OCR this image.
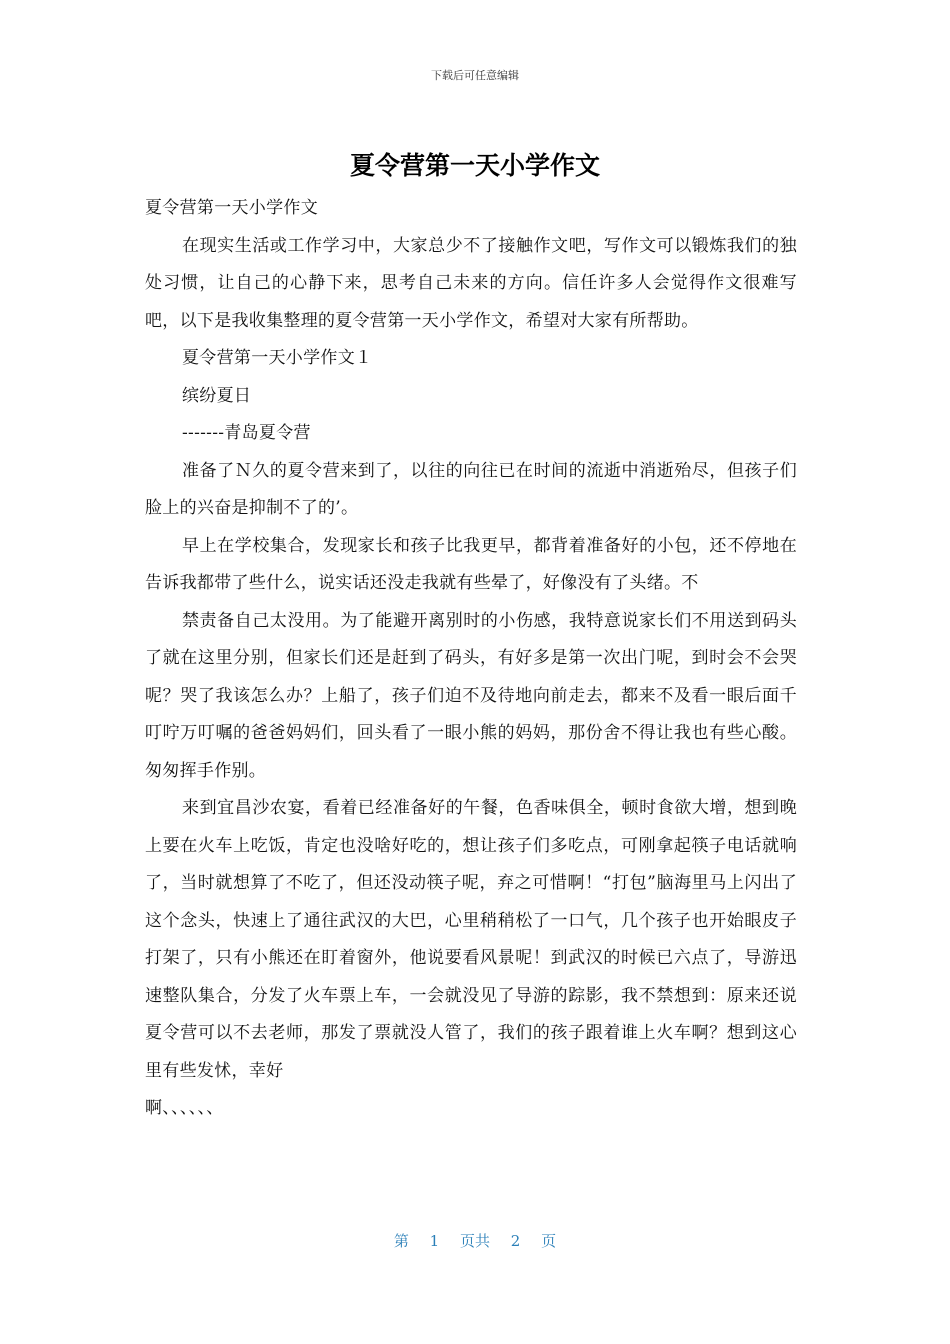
下载后可任意编辑
夏令营第一天小学作文

夏令营第一天小学作文

在现实生活或工作学习中，大家总少不了接触作文吧，写作文可以锻炼我们的独处习惯，让自己的心静下来，思考自己未来的方向。信任许多人会觉得作文很难写吧，以下是我收集整理的夏令营第一天小学作文，希望对大家有所帮助。

夏令营第一天小学作文１

缤纷夏日

-------青岛夏令营

准备了Ｎ久的夏令营来到了，以往的向往已在时间的流逝中消逝殆尽，但孩子们脸上的兴奋是抑制不了的’。

早上在学校集合，发现家长和孩子比我更早，都背着准备好的小包，还不停地在告诉我都带了些什么，说实话还没走我就有些晕了，好像没有了头绪。不

禁责备自己太没用。为了能避开离别时的小伤感，我特意说家长们不用送到码头了就在这里分别，但家长们还是赶到了码头，有好多是第一次出门呢，到时会不会哭呢？哭了我该怎么办？上船了，孩子们迫不及待地向前走去，都来不及看一眼后面千叮咛万叮嘱的爸爸妈妈们，回头看了一眼小熊的妈妈，那份舍不得让我也有些心酸。匆匆挥手作别。

来到宜昌沙农宴，看着已经准备好的午餐，色香味俱全，顿时食欲大增，想到晚上要在火车上吃饭，肯定也没啥好吃的，想让孩子们多吃点，可刚拿起筷子电话就响了，当时就想算了不吃了，但还没动筷子呢，弃之可惜啊！“打包”脑海里马上闪出了这个念头，快速上了通往武汉的大巴，心里稍稍松了一口气，几个孩子也开始眼皮子打架了，只有小熊还在盯着窗外，他说要看风景呢！到武汉的时候已六点了，导游迅速整队集合，分发了火车票上车，一会就没见了导游的踪影，我不禁想到：原来还说夏令营可以不去老师，那发了票就没人管了，我们的孩子跟着谁上火车啊？想到这心里有些发怵，幸好

啊、、、、、、

第 1 页共 2 页
